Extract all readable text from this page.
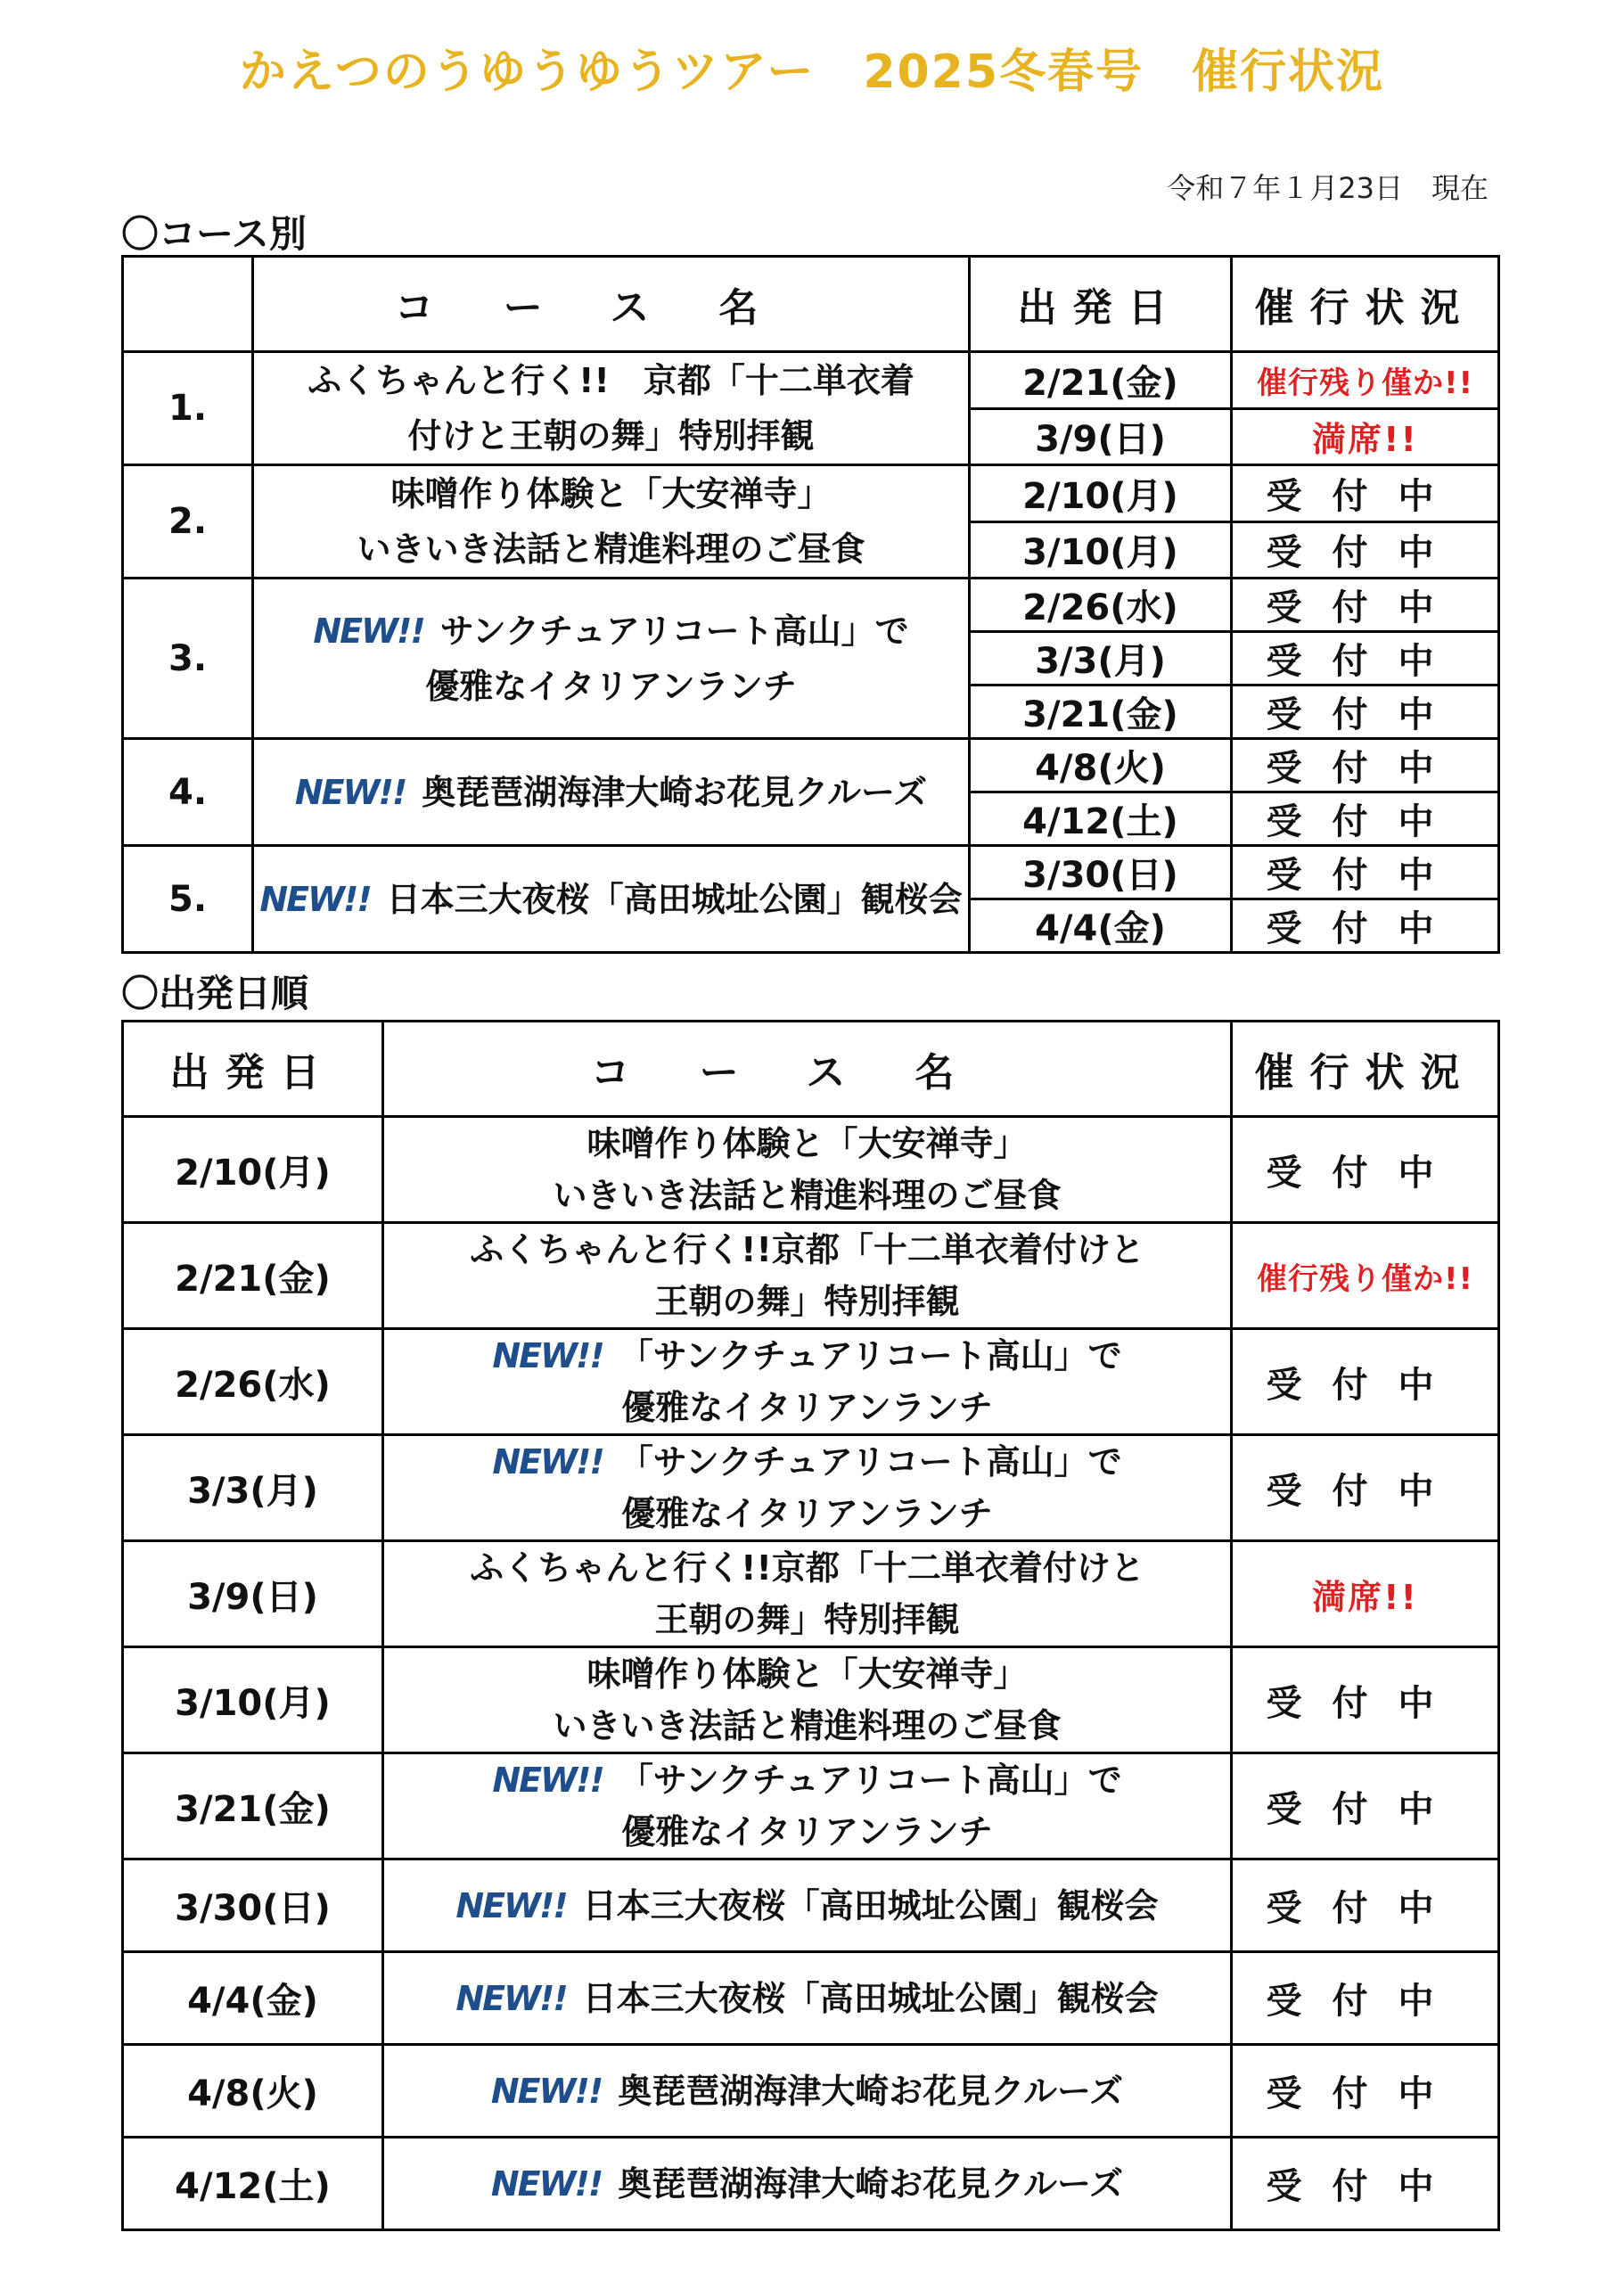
かえつのうゆうゆうツアー　2025冬春号　催行状況
令和７年１月23日　現在
〇コース別
	コース名	出発日	催行状況
1.	ふくちゃんと行く!!　京都「十二単衣着
付けと王朝の舞」特別拝観	2/21(金)	催行残り僅か!!
		3/9(日)	満席!!
2.	味噌作り体験と「大安禅寺」
いきいき法話と精進料理のご昼食	2/10(月)	受付中
		3/10(月)	受付中
3.	NEW!! サンクチュアリコート高山」で
優雅なイタリアンランチ	2/26(水)	受付中
		3/3(月)	受付中
		3/21(金)	受付中
4.	NEW!! 奥琵琶湖海津大崎お花見クルーズ	4/8(火)	受付中
		4/12(土)	受付中
5.	NEW!! 日本三大夜桜「高田城址公園」観桜会	3/30(日)	受付中
		4/4(金)	受付中
〇出発日順
出発日	コース名	催行状況
2/10(月)	味噌作り体験と「大安禅寺」
いきいき法話と精進料理のご昼食	受付中
2/21(金)	ふくちゃんと行く!!京都「十二単衣着付けと
王朝の舞」特別拝観	催行残り僅か!!
2/26(水)	NEW!! 「サンクチュアリコート高山」で
優雅なイタリアンランチ	受付中
3/3(月)	NEW!! 「サンクチュアリコート高山」で
優雅なイタリアンランチ	受付中
3/9(日)	ふくちゃんと行く!!京都「十二単衣着付けと
王朝の舞」特別拝観	満席!!
3/10(月)	味噌作り体験と「大安禅寺」
いきいき法話と精進料理のご昼食	受付中
3/21(金)	NEW!! 「サンクチュアリコート高山」で
優雅なイタリアンランチ	受付中
3/30(日)	NEW!! 日本三大夜桜「高田城址公園」観桜会	受付中
4/4(金)	NEW!! 日本三大夜桜「高田城址公園」観桜会	受付中
4/8(火)	NEW!! 奥琵琶湖海津大崎お花見クルーズ	受付中
4/12(土)	NEW!! 奥琵琶湖海津大崎お花見クルーズ	受付中
